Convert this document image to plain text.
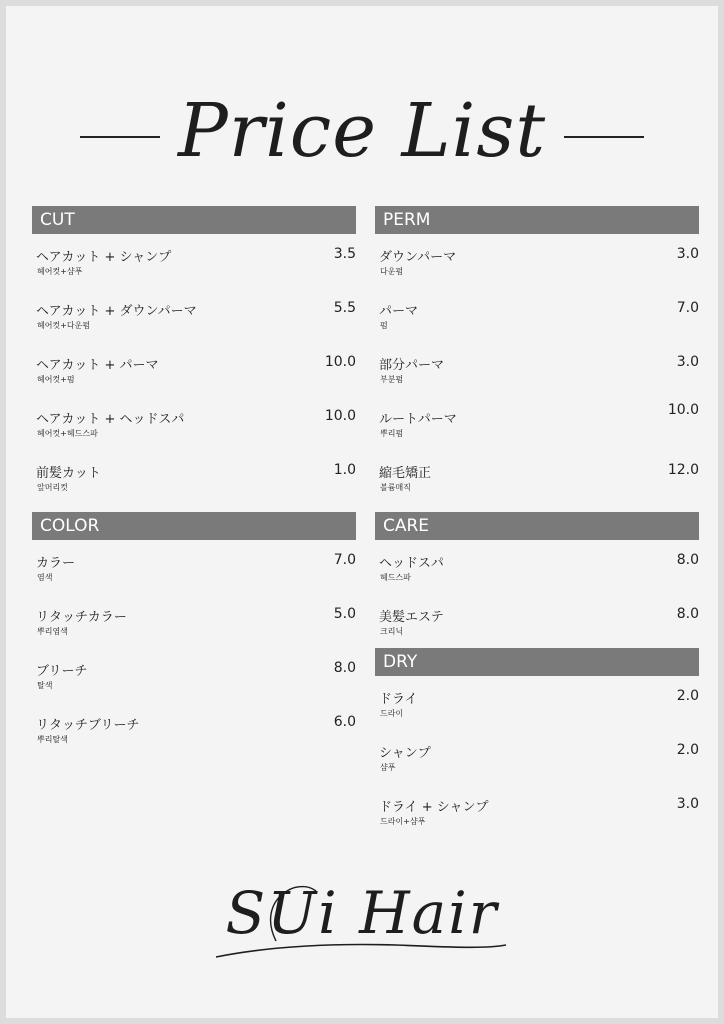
Price List
CUT
ヘアカット + シャンプ
헤어컷+샴푸
3.5
ヘアカット + ダウンパーマ
헤어컷+다운펌
5.5
ヘアカット + パーマ
헤어컷+펌
10.0
ヘアカット + ヘッドスパ
헤어컷+헤드스파
10.0
前髪カット
앞머리컷
1.0
COLOR
カラー
염색
7.0
リタッチカラー
뿌리염색
5.0
ブリーチ
탈색
8.0
リタッチブリーチ
뿌리탈색
6.0
PERM
ダウンパーマ
다운펌
3.0
パーマ
펌
7.0
部分パーマ
부분펌
3.0
ルートパーマ
뿌리펌
10.0
縮毛矯正
볼륨매직
12.0
CARE
ヘッドスパ
헤드스파
8.0
美髪エステ
크리닉
8.0
DRY
ドライ
드라이
2.0
シャンプ
샴푸
2.0
ドライ + シャンプ
드라이+샴푸
3.0
SUi Hair
